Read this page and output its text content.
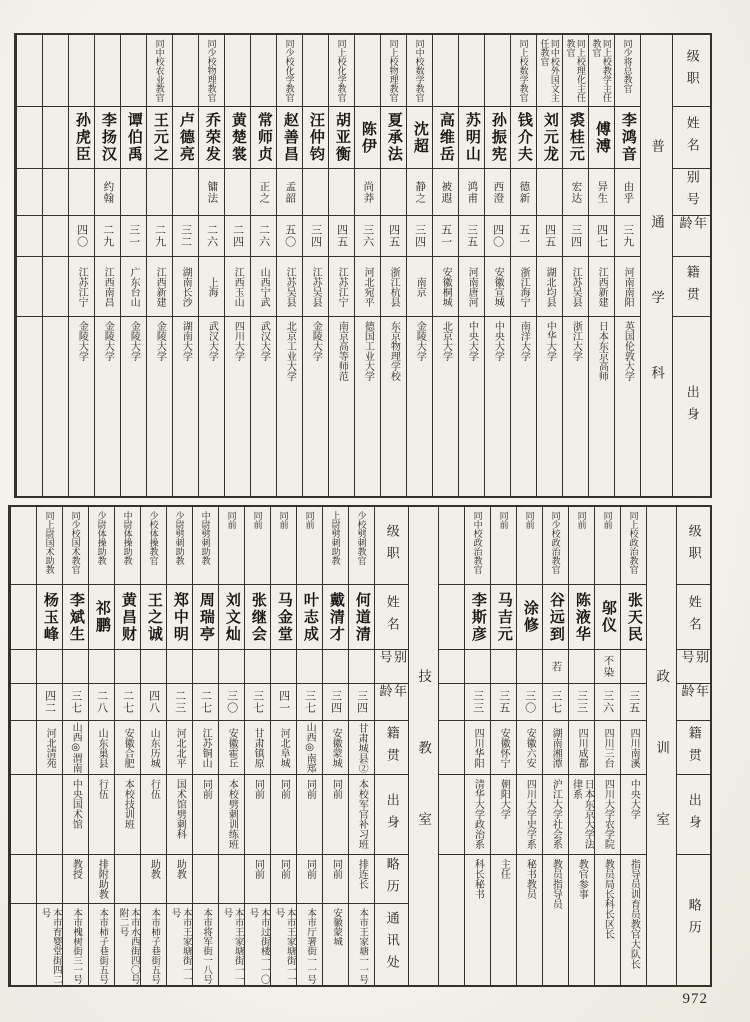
级职
姓名
别号
年龄
籍贯
出身
普通学科
同少将总教官
李鸿音
由乎
三九
河南南阳
英国伦敦大学
同上校教学主任教官
傅溥
异生
四七
江西新建
日本东京高师
同上校理化主任教官
裘桂元
宏达
三四
江苏吴县
浙江大学
同中校外国文主任教官
刘元龙
四五
湖北均县
中华大学
同上校数学教官
钱介夫
德新
五一
浙江海宁
南洋大学
孙振宪
西澄
四〇
安徽宣城
中央大学
苏明山
鸿甫
三五
河南唐河
中央大学
高维岳
被遐
五一
安徽桐城
北京大学
同中校数学教官
沈超
静之
三四
南京
金陵大学
同上校物理教官
夏承法
四五
浙江杭县
东京物理学校
陈伊
尚莽
三六
河北宛平
德国工业大学
同上校化学教官
胡亚衡
四五
江苏江宁
南京高等师范
汪仲钧
三四
江苏吴县
金陵大学
同少校化学教官
赵善昌
孟韶
五〇
江苏吴县
北京工业大学
常师贞
正之
二六
山西宁武
武汉大学
黄楚裳
二四
江西玉山
四川大学
同少校物理教官
乔荣发
镛法
二六
上海
武汉大学
卢德亮
三二
湖南长沙
湖南大学
同中校农业教官
王元之
二九
江西新建
金陵大学
谭伯禹
三一
广东台山
金陵大学
李扬汉
约翰
二九
江西南昌
金陵大学
孙虎臣
四〇
江苏江宁
金陵大学
级职
姓名
别号
年龄
籍贯
出身
略历
政训室
同上校政治教官
张天民
三五
四川南溪
中央大学
指导员训育员教官大队长
同前
邬仪
不染
三六
四川三台
四川大学农学院
教员局长科长区长
同前
陈液华
三三
四川成都
日本东京大学法律系
教官参事
同少校政治教官
谷远到
若
三七
湖南湘潭
沪江大学社会系
教员指导员
同前
涂修
三〇
安徽六安
四川大学史学系
秘书教员
同前
马吉元
三五
安徽怀宁
朝阳大学
主任
同中校政治教官
李斯彦
三三
四川华阳
清华大学政治系
科长秘书
技教室
级职
姓名
别号
年龄
籍贯
出身
略历
通讯处
少校劈刺教官
何道清
三四
甘肃城县②
本校军官补习班
排连长
本市王家塘一一号
上尉劈刺助教
戴清才
三四
安徽蒙城
同前
同前
安徽蒙城
同前
叶志成
三七
山西◎南郑
同前
同前
本市厅署街一一号
同前
马金堂
四一
河北阜城
同前
同前
本市王家塘街一一号
同前
张继会
三七
甘肃镇原
同前
同前
本市过街楼一一〇号
同前
刘文灿
三〇
安徽霍丘
本校劈刺训练班
本市王家塘街一一号
中尉劈刺助教
周瑞亭
二七
江苏铜山
同前
本市将军街一八号
少尉劈刺助教
郑中明
二三
河北北平
国术馆劈刺科
助教
本市王家塘街一一号
少校体操教官
王之诚
四八
山东历城
行伍
助教
本市柿子巷街五号
中尉体操助教
黄昌财
二七
安徽合肥
本校技训班
本市水西街四〇号附二号
少尉体操助教
祁鹏
二八
山东巢县
行伍
排附助教
本市柿子巷街五号
同少校国术教官
李斌生
三七
山西◎渭南
中央国术馆
教授
本市槐树街三一号
同上尉国术助教
杨玉峰
四二
河北清苑
本市育婴堂街四二号
972
